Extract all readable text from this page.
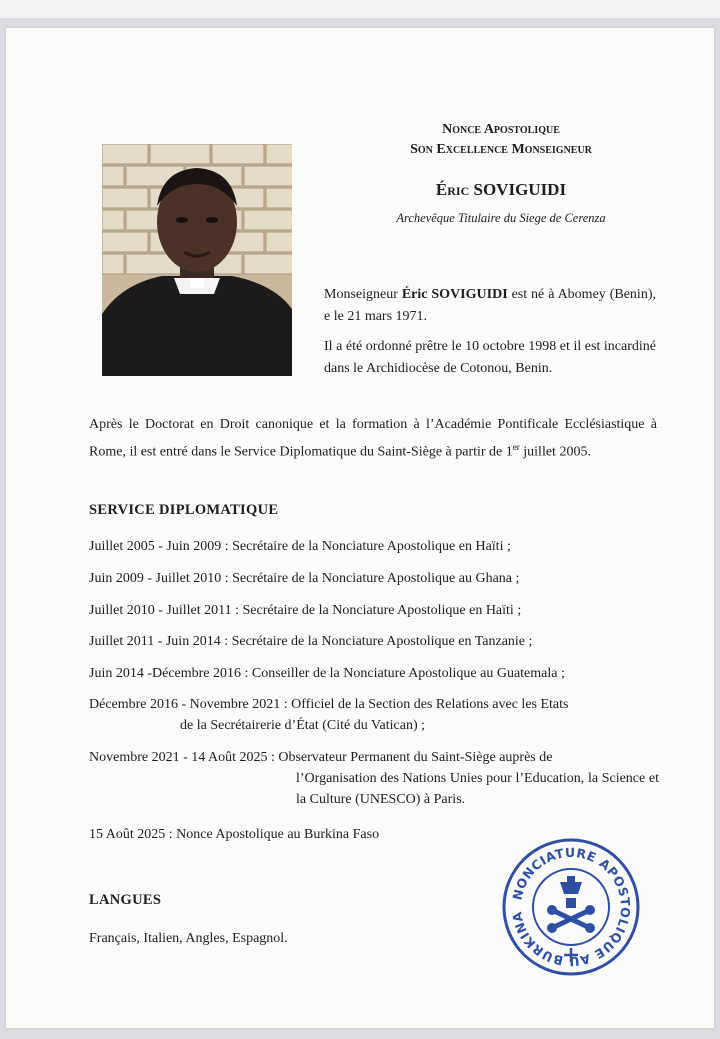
Nonce Apostolique
Son Excellence Monseigneur
Éric SOVIGUIDI
Archevêque Titulaire du Siege de Cerenza
Monseigneur Éric SOVIGUIDI est né à Abomey (Benin),     e le 21 mars 1971.
Il a été ordonné prêtre le 10 octobre 1998 et il est incardiné dans le Archidiocèse de Cotonou, Benin.
Après le Doctorat en Droit canonique et la formation à l’Académie Pontificale Ecclésiastique à Rome, il est entré dans le Service Diplomatique du Saint-Siège à partir de 1er juillet 2005.
SERVICE DIPLOMATIQUE
Juillet 2005 - Juin 2009 : Secrétaire de la Nonciature Apostolique en Haïti ;
Juin 2009 - Juillet 2010 : Secrétaire de la Nonciature Apostolique au Ghana ;
Juillet 2010 - Juillet 2011 : Secrétaire de la Nonciature Apostolique en Haïti ;
Juillet 2011 - Juin 2014 : Secrétaire de la Nonciature Apostolique en Tanzanie ;
Juin 2014 -Décembre 2016 : Conseiller de la Nonciature Apostolique au Guatemala ;
Décembre 2016 - Novembre 2021 : Officiel de la Section des Relations avec les Etats
de la Secrétairerie d’État (Cité du Vatican) ;
Novembre 2021 - 14 Août 2025 : Observateur Permanent du Saint-Siège auprès de
l’Organisation des Nations Unies pour l’Education, la Science et la Culture (UNESCO) à Paris.
15 Août 2025 : Nonce Apostolique au Burkina Faso
LANGUES
Français, Italien, Angles, Espagnol.
NONCIATURE APOSTOLIQUE AU BURKINA
